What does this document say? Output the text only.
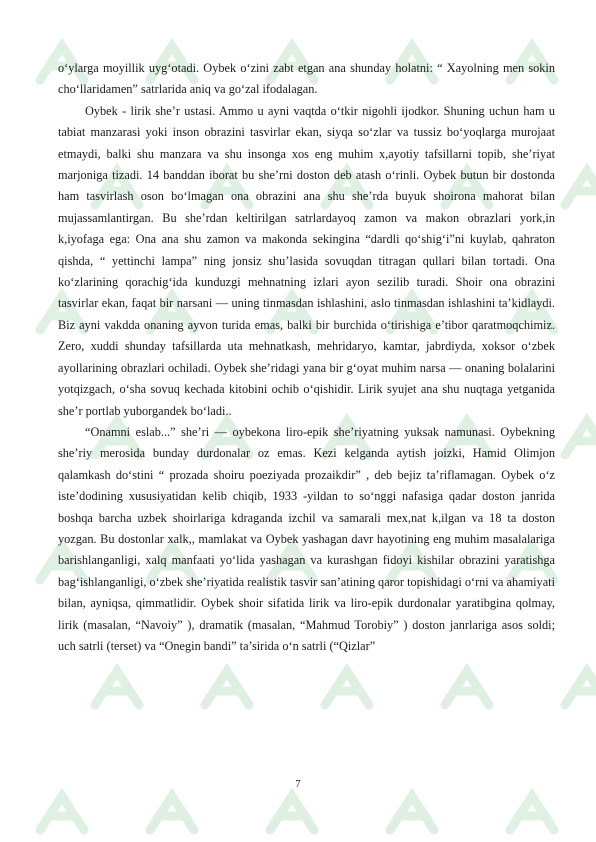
o‘ylarga moyillik uyg‘otadi. Oybek o‘zini zabt etgan ana shunday holatni: “ Xayolning men sokin cho‘llaridamen” satrlarida aniq va go‘zal ifodalagan.

Oybek - lirik she’r ustasi. Ammo u ayni vaqtda o‘tkir nigohli ijodkor. Shuning uchun ham u tabiat manzarasi yoki inson obrazini tasvirlar ekan, siyqa so‘zlar va tussiz bo‘yoqlarga murojaat etmaydi, balki shu manzara va shu insonga xos eng muhim x,ayotiy tafsillarni topib, she’riyat marjoniga tizadi. 14 banddan iborat bu she’rni doston deb atash o‘rinli. Oybek butun bir dostonda ham tasvirlash oson bo‘lmagan ona obrazini ana shu she’rda buyuk shoirona mahorat bilan mujassamlantirgan. Bu she’rdan keltirilgan satrlardayoq zamon va makon obrazlari york,in k,iyofaga ega: Ona ana shu zamon va makonda sekingina “dardli qo‘shig‘i”ni kuylab, qahraton qishda, “ yettinchi lampa” ning jonsiz shu’lasida sovuqdan titragan qullari bilan tortadi. Ona ko‘zlarining qorachig‘ida kunduzgi mehnatning izlari ayon sezilib turadi. Shoir ona obrazini tasvirlar ekan, faqat bir narsani — uning tinmasdan ishlashini, aslo tinmasdan ishlashini ta’kidlaydi. Biz ayni vakdda onaning ayvon turida emas, balki bir burchida o‘tirishiga e’tibor qaratmoqchimiz. Zero, xuddi shunday tafsillarda uta mehnatkash, mehridaryo, kamtar, jabrdiyda, xoksor o‘zbek ayollarining obrazlari ochiladi. Oybek she’ridagi yana bir g‘oyat muhim narsa — onaning bolalarini yotqizgach, o‘sha sovuq kechada kitobini ochib o‘qishidir. Lirik syujet ana shu nuqtaga yetganida she’r portlab yuborgandek bo‘ladi..

“Onamni eslab...” she’ri — oybekona liro-epik she’riyatning yuksak namunasi. Oybekning she’riy merosida bunday durdonalar oz emas. Kezi kelganda aytish joizki, Hamid Olimjon qalamkash do‘stini “ prozada shoiru poeziyada prozaikdir” , deb bejiz ta’riflamagan. Oybek o‘z iste’dodining xususiyatidan kelib chiqib, 1933 -yildan to so‘nggi nafasiga qadar doston janrida boshqa barcha uzbek shoirlariga kdraganda izchil va samarali mex,nat k,ilgan va 18 ta doston yozgan. Bu dostonlar xalk,, mamlakat va Oybek yashagan davr hayotining eng muhim masalalariga barishlanganligi, xalq manfaati yo‘lida yashagan va kurashgan fidoyi kishilar obrazini yaratishga bag‘ishlanganligi, o‘zbek she’riyatida realistik tasvir san’atining qaror topishidagi o‘rni va ahamiyati bilan, ayniqsa, qimmatlidir. Oybek shoir sifatida lirik va liro-epik durdonalar yaratibgina qolmay, lirik (masalan, “Navoiy” ), dramatik (masalan, “Mahmud Torobiy” ) doston janrlariga asos soldi; uch satrli (terset) va “Onegin bandi” ta’sirida o‘n satrli (“Qizlar”

7
